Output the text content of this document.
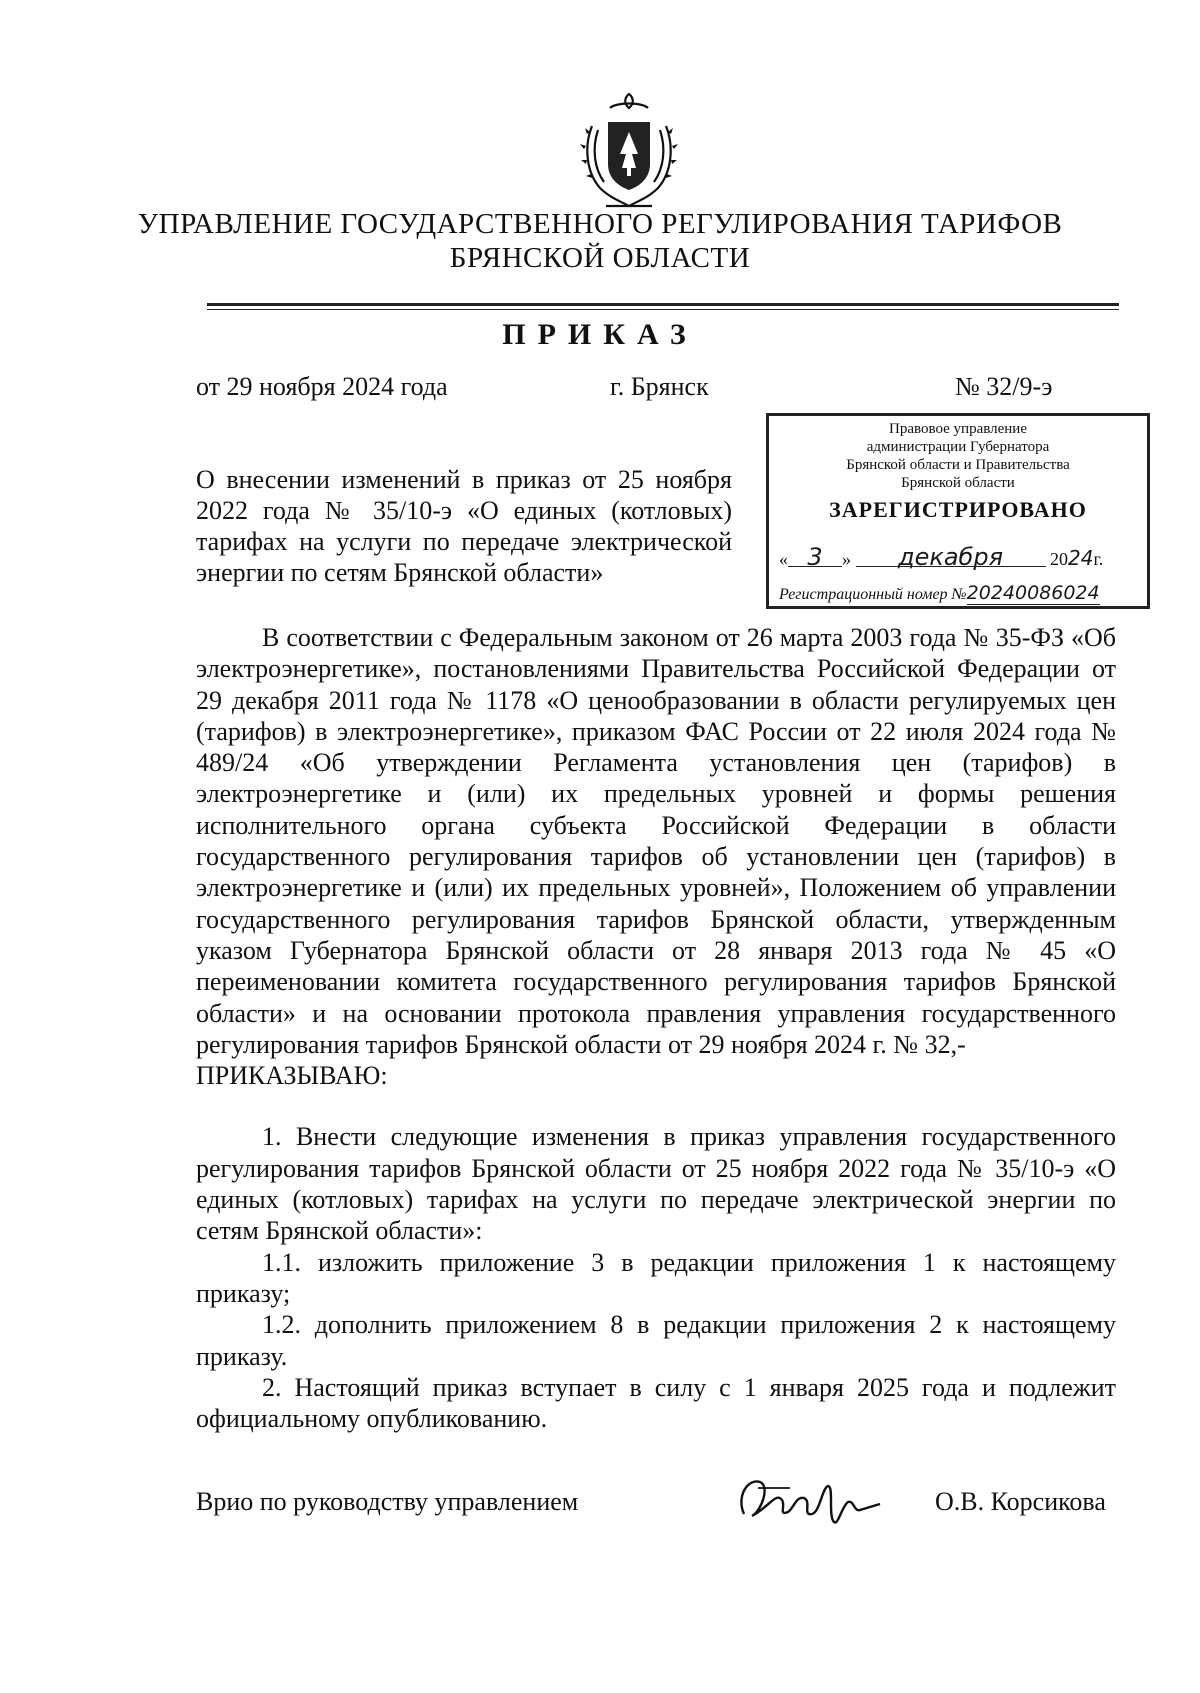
УПРАВЛЕНИЕ ГОСУДАРСТВЕННОГО РЕГУЛИРОВАНИЯ ТАРИФОВ
БРЯНСКОЙ ОБЛАСТИ
ПРИКАЗ
от 29 ноября 2024 года	г. Брянск	№ 32/9-э
О внесении изменений в приказ от 25 ноября 2022 года № 35/10-э «О единых (котловых) тарифах на услуги по передаче электрической энергии по сетям Брянской области»
Правовое управление
администрации Губернатора
Брянской области и Правительства
Брянской области
ЗАРЕГИСТРИРОВАНО
« 3 » декабря	2024г.
Регистрационный номер №20240086024

В соответствии с Федеральным законом от 26 марта 2003 года № 35-ФЗ «Об электроэнергетике», постановлениями Правительства Российской Федерации от 29 декабря 2011 года № 1178 «О ценообразовании в области регулируемых цен (тарифов) в электроэнергетике», приказом ФАС России от 22 июля 2024 года № 489/24 «Об утверждении Регламента установления цен (тарифов) в электроэнергетике и (или) их предельных уровней и формы решения исполнительного органа субъекта Российской Федерации в области государственного регулирования тарифов об установлении цен (тарифов) в электроэнергетике и (или) их предельных уровней», Положением об управлении государственного регулирования тарифов Брянской области, утвержденным указом Губернатора Брянской области от 28 января 2013 года № 45 «О переименовании комитета государственного регулирования тарифов Брянской области» и на основании протокола правления управления государственного регулирования тарифов Брянской области от 29 ноября 2024 г. № 32,-

ПРИКАЗЫВАЮ:

1. Внести следующие изменения в приказ управления государственного регулирования тарифов Брянской области от 25 ноября 2022 года № 35/10-э «О единых (котловых) тарифах на услуги по передаче электрической энергии по сетям Брянской области»:

1.1. изложить приложение 3 в редакции приложения 1 к настоящему приказу;

1.2. дополнить приложением 8 в редакции приложения 2 к настоящему приказу.

2. Настоящий приказ вступает в силу с 1 января 2025 года и подлежит официальному опубликованию.

Врио по руководству управлением	О.В. Корсикова
